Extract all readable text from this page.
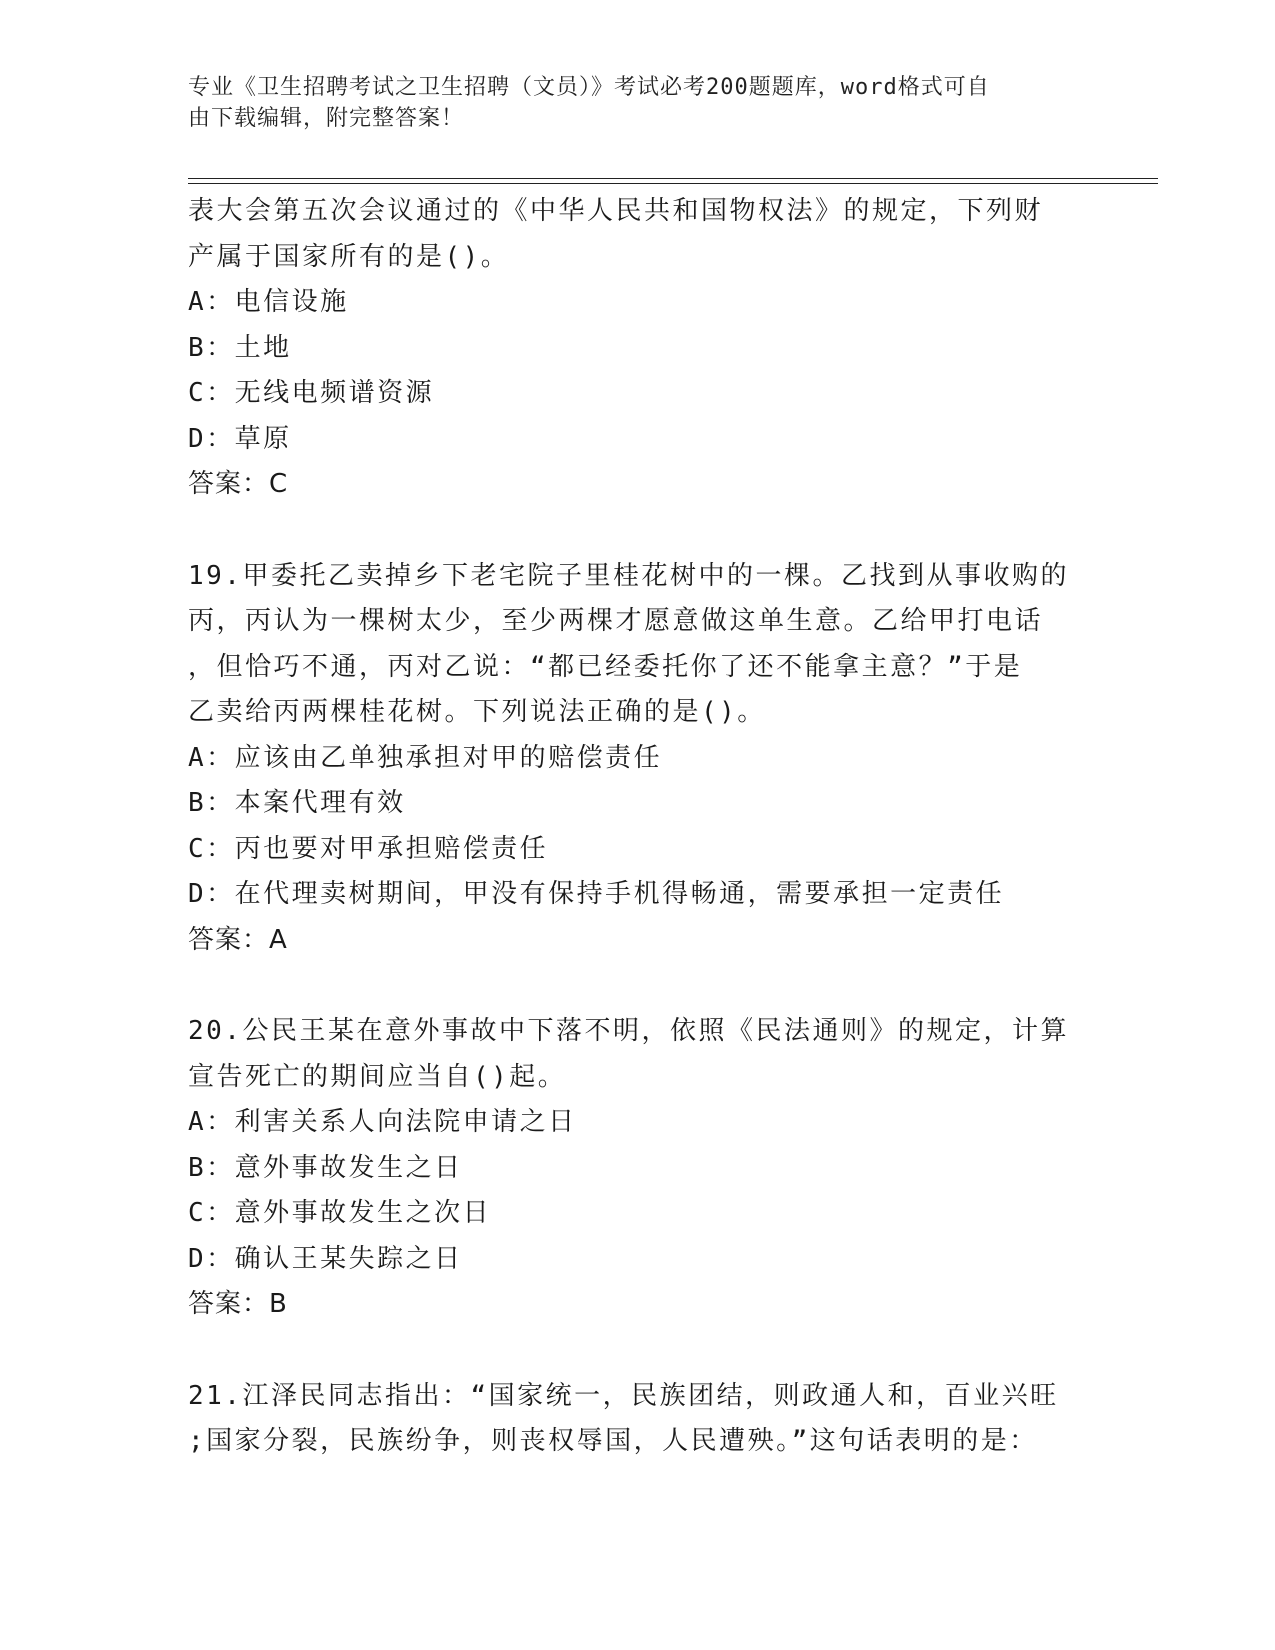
专业《卫生招聘考试之卫生招聘（文员）》考试必考200题题库，word格式可自
由下载编辑，附完整答案！
表大会第五次会议通过的《中华人民共和国物权法》的规定，下列财
产属于国家所有的是()。
A：电信设施
B：土地
C：无线电频谱资源
D：草原
答案：C
19.甲委托乙卖掉乡下老宅院子里桂花树中的一棵。乙找到从事收购的
丙，丙认为一棵树太少，至少两棵才愿意做这单生意。乙给甲打电话
，但恰巧不通，丙对乙说：“都已经委托你了还不能拿主意？”于是
乙卖给丙两棵桂花树。下列说法正确的是()。
A：应该由乙单独承担对甲的赔偿责任
B：本案代理有效
C：丙也要对甲承担赔偿责任
D：在代理卖树期间，甲没有保持手机得畅通，需要承担一定责任
答案：A
20.公民王某在意外事故中下落不明，依照《民法通则》的规定，计算
宣告死亡的期间应当自()起。
A：利害关系人向法院申请之日
B：意外事故发生之日
C：意外事故发生之次日
D：确认王某失踪之日
答案：B
21.江泽民同志指出：“国家统一，民族团结，则政通人和，百业兴旺
;国家分裂，民族纷争，则丧权辱国，人民遭殃。”这句话表明的是：
